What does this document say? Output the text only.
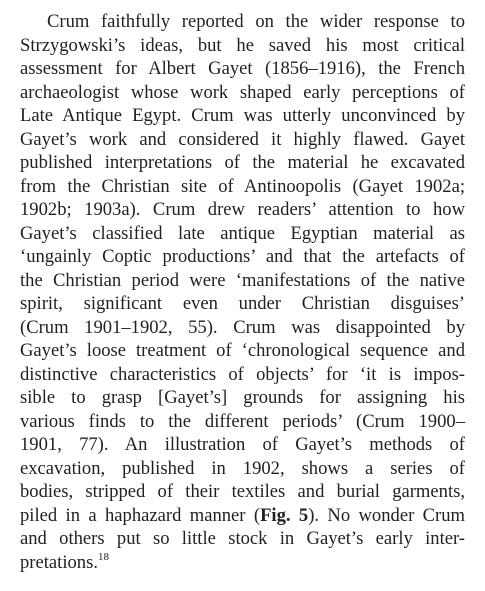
Crum faithfully reported on the wider response to
Strzygowski’s ideas, but he saved his most critical
assessment for Albert Gayet (1856–1916), the French
archaeologist whose work shaped early perceptions of
Late Antique Egypt. Crum was utterly unconvinced by
Gayet’s work and considered it highly flawed. Gayet
published interpretations of the material he excavated
from the Christian site of Antinoopolis (Gayet 1902a;
1902b; 1903a). Crum drew readers’ attention to how
Gayet’s classified late antique Egyptian material as
‘ungainly Coptic productions’ and that the artefacts of
the Christian period were ‘manifestations of the native
spirit, significant even under Christian disguises’
(Crum 1901–1902, 55). Crum was disappointed by
Gayet’s loose treatment of ‘chronological sequence and
distinctive characteristics of objects’ for ‘it is impos-
sible to grasp [Gayet’s] grounds for assigning his
various finds to the different periods’ (Crum 1900–
1901, 77). An illustration of Gayet’s methods of
excavation, published in 1902, shows a series of
bodies, stripped of their textiles and burial garments,
piled in a haphazard manner (Fig. 5). No wonder Crum
and others put so little stock in Gayet’s early inter-
pretations.$^{18}$
